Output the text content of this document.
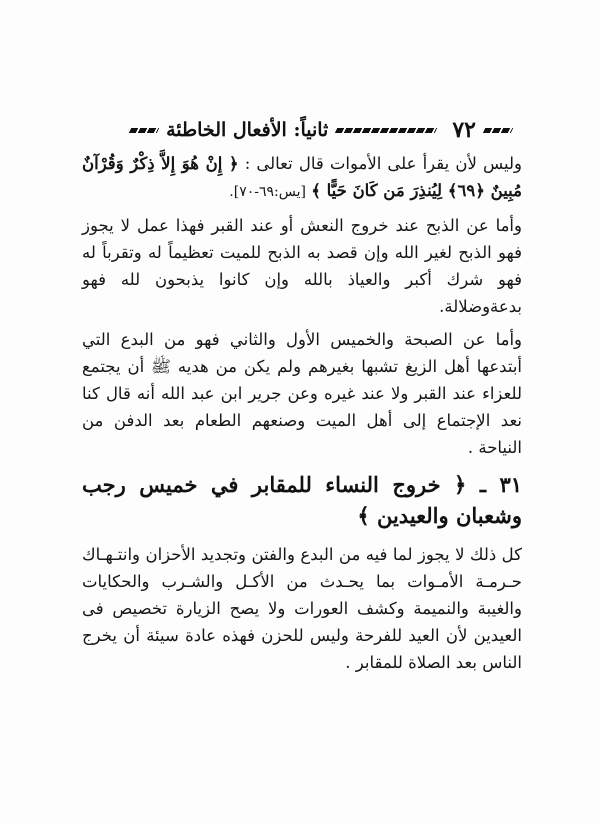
٧٢
ثانياً: الأفعال الخاطئة

وليس لأن يقرأ على الأموات قال تعالى : ﴿ إِنْ هُوَ إِلاَّ ذِكْرٌ وَقُرْآنٌ مُبِينٌ ﴿٦٩﴾ لِيُنذِرَ مَن كَانَ حَيًّا ﴾ [يس:٦٩-٧٠].

وأما عن الذبح عند خروج النعش أو عند القبر فهذا عمل لا يجوز فهو الذبح لغير الله وإن قصد به الذبح للميت تعظيماً له وتقرباً له فهو شرك أكبر والعياذ بالله وإن كانوا يذبحون لله فهو بدعةوضلالة.

وأما عن الصبحة والخميس الأول والثاني فهو من البدع التي أبتدعها أهل الزيغ تشبها بغيرهم ولم يكن من هديه ﷺ أن يجتمع للعزاء عند القبر ولا عند غيره وعن جرير ابن عبد الله أنه قال كنا نعد الإجتماع إلى أهل الميت وصنعهم الطعام بعد الدفن من النياحة .

٣١ ـ ﴿ خروج النساء للمقابر في خميس رجب وشعبان والعيدين ﴾

كل ذلك لا يجوز لما فيه من البدع والفتن وتجديد الأحزان وانتـهـاك حـرمـة الأمـوات بما يحـدث من الأكـل والشـرب والحكايات والغيبة والنميمة وكشف العورات ولا يصح الزيارة تخصيص فى العيدين لأن العيد للفرحة وليس للحزن فهذه عادة سيئة أن يخرج الناس بعد الصلاة للمقابر .
